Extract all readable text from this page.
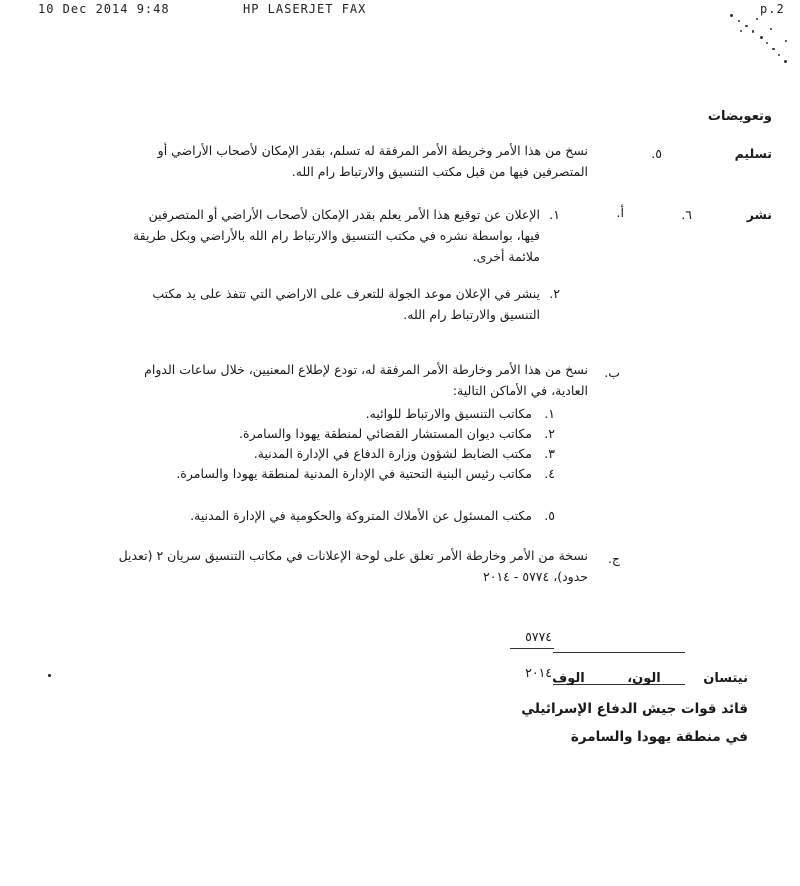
10 Dec 2014 9:48	HP LASERJET FAX	p.2
وتعويضات
تسليم
٥.
نسخ من هذا الأمر وخريطة الأمر المرفقة له تسلم، بقدر الإمكان لأصحاب الأراضي أو المتصرفين فيها من قبل مكتب التنسيق والارتباط رام الله.
نشر
٦.
أ.
١.
الإعلان عن توقيع هذا الأمر يعلم بقدر الإمكان لأصحاب الأراضي أو المتصرفين فيها، بواسطة نشره في مكتب التنسيق والارتباط رام الله بالأراضي وبكل طريقة ملائمة أخرى.
٢.
ينشر في الإعلان موعد الجولة للتعرف على الاراضي التي تتفذ على يد مكتب التنسيق والارتباط رام الله.
ب.
نسخ من هذا الأمر وخارطة الأمر المرفقة له، تودع لإطلاع المعنيين، خلال ساعات الدوام العادية، في الأماكن التالية:
١.
مكاتب التنسيق والارتباط للوائيه.
٢.
مكاتب ديوان المستشار القضائي لمنطقة يهودا والسامرة.
٣.
مكتب الضابط لشؤون وزارة الدفاع في الإدارة المدنية.
٤.
مكاتب رئيس البنية التحتية في الإدارة المدنية لمنطقة يهودا والسامرة.
٥.
مكتب المسئول عن الأملاك المتروكة والحكومية في الإدارة المدنية.
ج.
نسخة من الأمر وخارطة الأمر تعلق على لوحة الإعلانات في مكاتب التنسيق سريان ٢ (تعديل حدود)، ٥٧٧٤ - ٢٠١٤
٥٧٧٤
٢٠١٤ نيتسان الون، الوف
قائد قوات جيش الدفاع الإسرائيلي
في منطقة يهودا والسامرة
